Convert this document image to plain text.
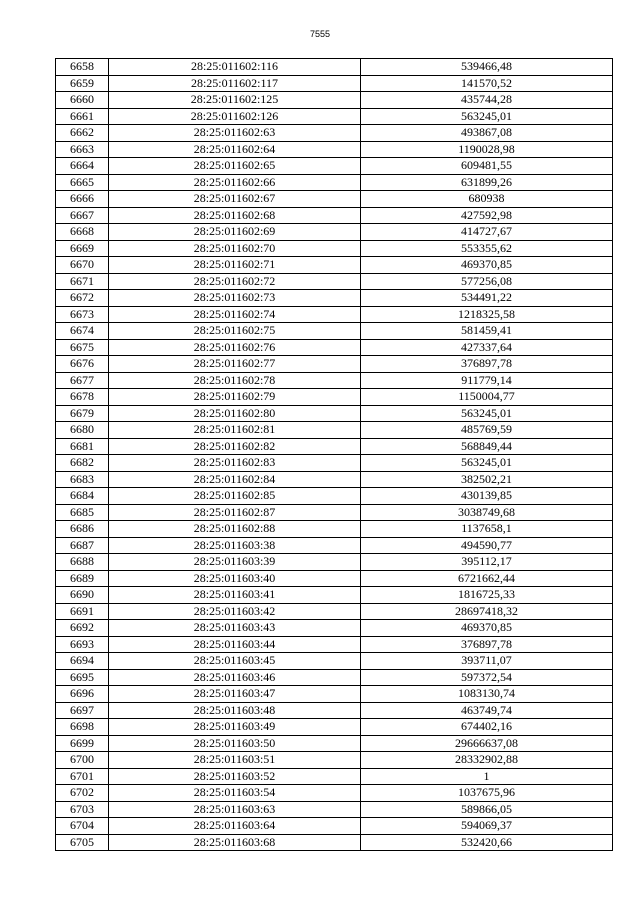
7555
6658	28:25:011602:116	539466,48
6659	28:25:011602:117	141570,52
6660	28:25:011602:125	435744,28
6661	28:25:011602:126	563245,01
6662	28:25:011602:63	493867,08
6663	28:25:011602:64	1190028,98
6664	28:25:011602:65	609481,55
6665	28:25:011602:66	631899,26
6666	28:25:011602:67	680938
6667	28:25:011602:68	427592,98
6668	28:25:011602:69	414727,67
6669	28:25:011602:70	553355,62
6670	28:25:011602:71	469370,85
6671	28:25:011602:72	577256,08
6672	28:25:011602:73	534491,22
6673	28:25:011602:74	1218325,58
6674	28:25:011602:75	581459,41
6675	28:25:011602:76	427337,64
6676	28:25:011602:77	376897,78
6677	28:25:011602:78	911779,14
6678	28:25:011602:79	1150004,77
6679	28:25:011602:80	563245,01
6680	28:25:011602:81	485769,59
6681	28:25:011602:82	568849,44
6682	28:25:011602:83	563245,01
6683	28:25:011602:84	382502,21
6684	28:25:011602:85	430139,85
6685	28:25:011602:87	3038749,68
6686	28:25:011602:88	1137658,1
6687	28:25:011603:38	494590,77
6688	28:25:011603:39	395112,17
6689	28:25:011603:40	6721662,44
6690	28:25:011603:41	1816725,33
6691	28:25:011603:42	28697418,32
6692	28:25:011603:43	469370,85
6693	28:25:011603:44	376897,78
6694	28:25:011603:45	393711,07
6695	28:25:011603:46	597372,54
6696	28:25:011603:47	1083130,74
6697	28:25:011603:48	463749,74
6698	28:25:011603:49	674402,16
6699	28:25:011603:50	29666637,08
6700	28:25:011603:51	28332902,88
6701	28:25:011603:52	1
6702	28:25:011603:54	1037675,96
6703	28:25:011603:63	589866,05
6704	28:25:011603:64	594069,37
6705	28:25:011603:68	532420,66
